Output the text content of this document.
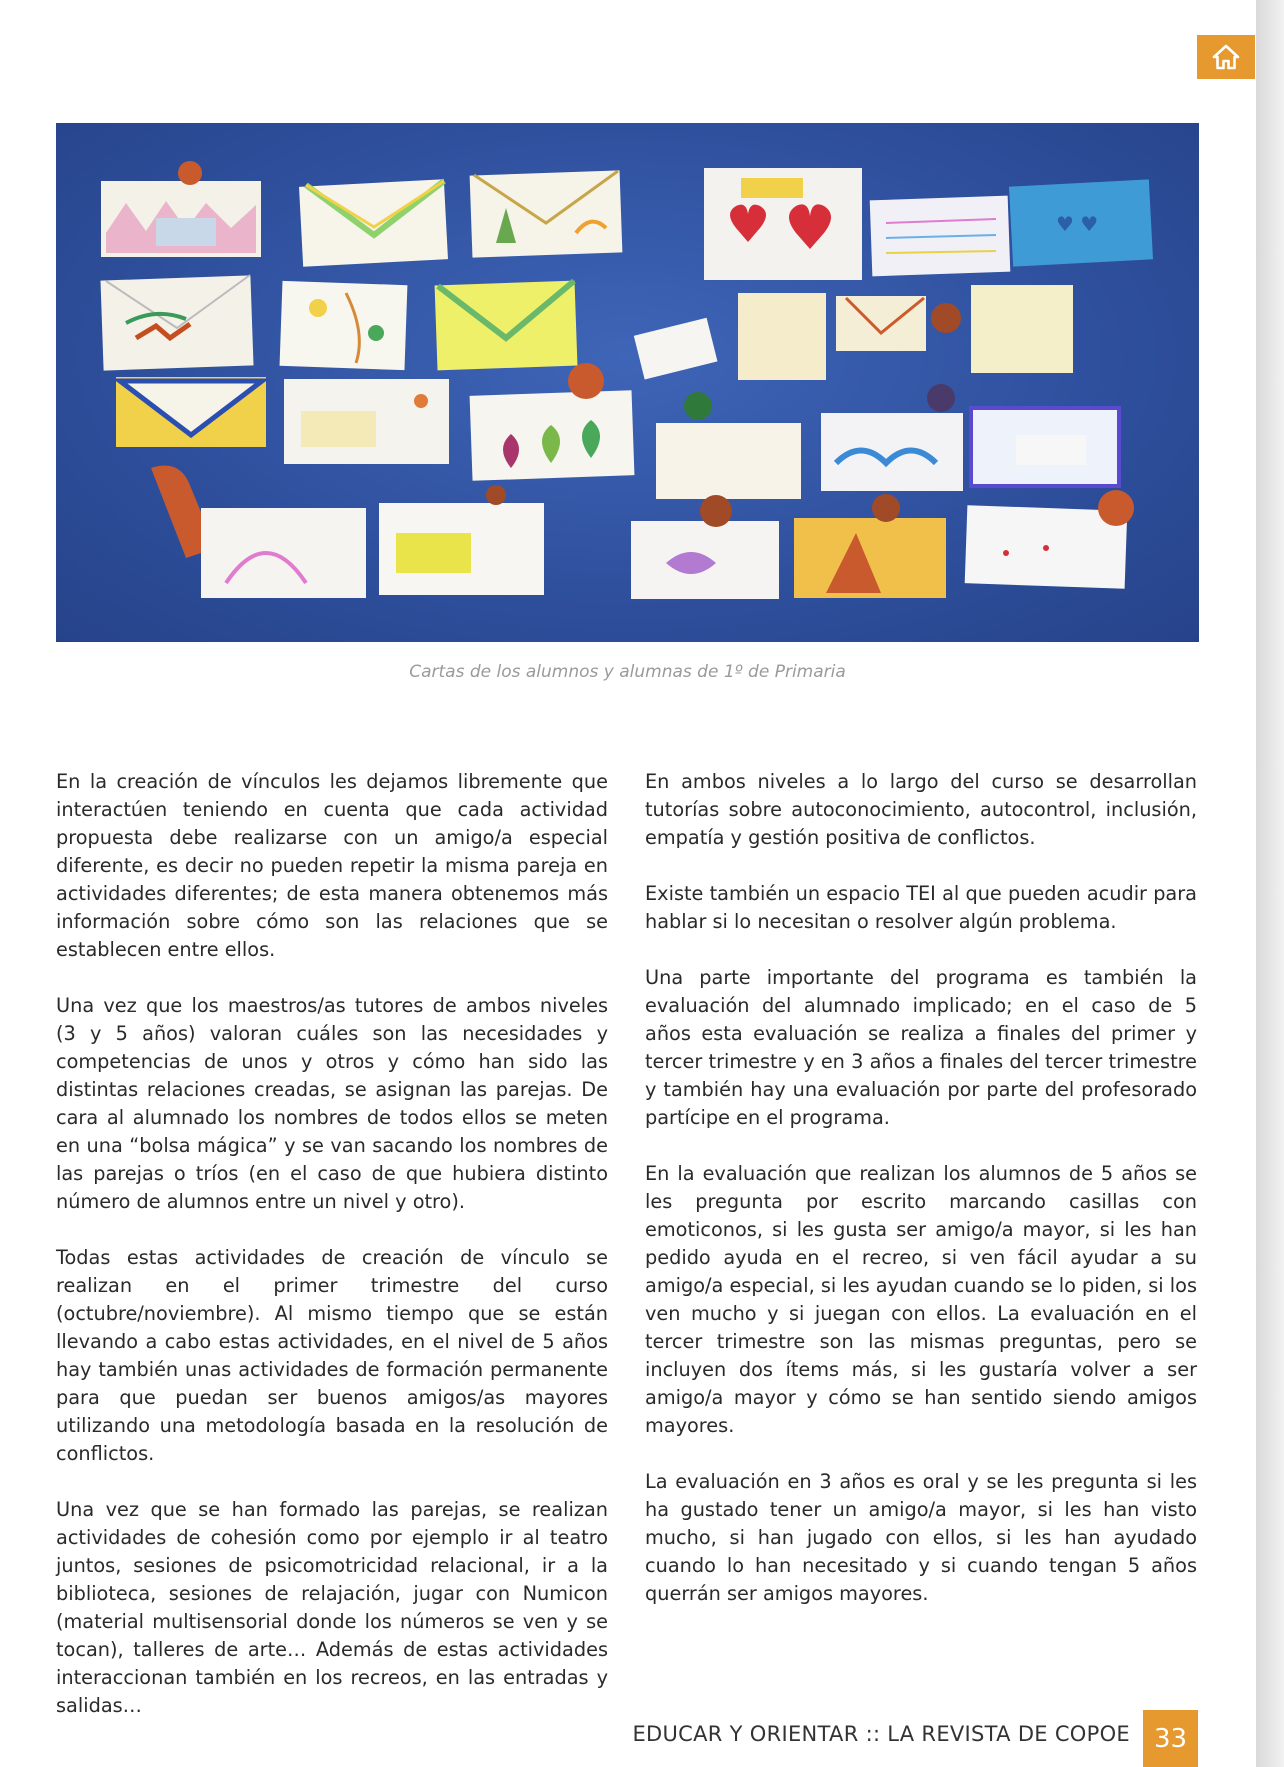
♥ ♥
Cartas de los alumnos y alumnas de 1º de Primaria

En la creación de vínculos les dejamos libremente que interactúen teniendo en cuenta que cada actividad propuesta debe realizarse con un amigo/a especial diferente, es decir no pueden repetir la misma pareja en actividades diferentes; de esta manera obtenemos más información sobre cómo son las relaciones que se establecen entre ellos.

Una vez que los maestros/as tutores de ambos niveles (3 y 5 años) valoran cuáles son las necesidades y competencias de unos y otros y cómo han sido las distintas relaciones creadas, se asignan las parejas. De cara al alumnado los nombres de todos ellos se meten en una “bolsa mágica” y se van sacando los nombres de las parejas o tríos (en el caso de que hubiera distinto número de alumnos entre un nivel y otro).

Todas estas actividades de creación de vínculo se realizan en el primer trimestre del curso (octubre/noviembre). Al mismo tiempo que se están llevando a cabo estas actividades, en el nivel de 5 años hay también unas actividades de formación permanente para que puedan ser buenos amigos/as mayores utilizando una metodología basada en la resolución de conflictos.

Una vez que se han formado las parejas, se realizan actividades de cohesión como por ejemplo ir al teatro juntos, sesiones de psicomotricidad relacional, ir a la biblioteca, sesiones de relajación, jugar con Numicon (material multisensorial donde los números se ven y se tocan), talleres de arte… Además de estas actividades interaccionan también en los recreos, en las entradas y salidas…

En ambos niveles a lo largo del curso se desarrollan tutorías sobre autoconocimiento, autocontrol, inclusión, empatía y gestión positiva de conflictos.

Existe también un espacio TEI al que pueden acudir para hablar si lo necesitan o resolver algún problema.

Una parte importante del programa es también la evaluación del alumnado implicado; en el caso de 5 años esta evaluación se realiza a finales del primer y tercer trimestre y en 3 años a finales del tercer trimestre y también hay una evaluación por parte del profesorado partícipe en el programa.

En la evaluación que realizan los alumnos de 5 años se les pregunta por escrito marcando casillas con emoticonos, si les gusta ser amigo/a mayor, si les han pedido ayuda en el recreo, si ven fácil ayudar a su amigo/a especial, si les ayudan cuando se lo piden, si los ven mucho y si juegan con ellos. La evaluación en el tercer trimestre son las mismas preguntas, pero se incluyen dos ítems más, si les gustaría volver a ser amigo/a mayor y cómo se han sentido siendo amigos mayores.

La evaluación en 3 años es oral y se les pregunta si les ha gustado tener un amigo/a mayor, si les han visto mucho, si han jugado con ellos, si les han ayudado cuando lo han necesitado y si cuando tengan 5 años querrán ser amigos mayores.

EDUCAR Y ORIENTAR :: LA REVISTA DE COPOE 33
